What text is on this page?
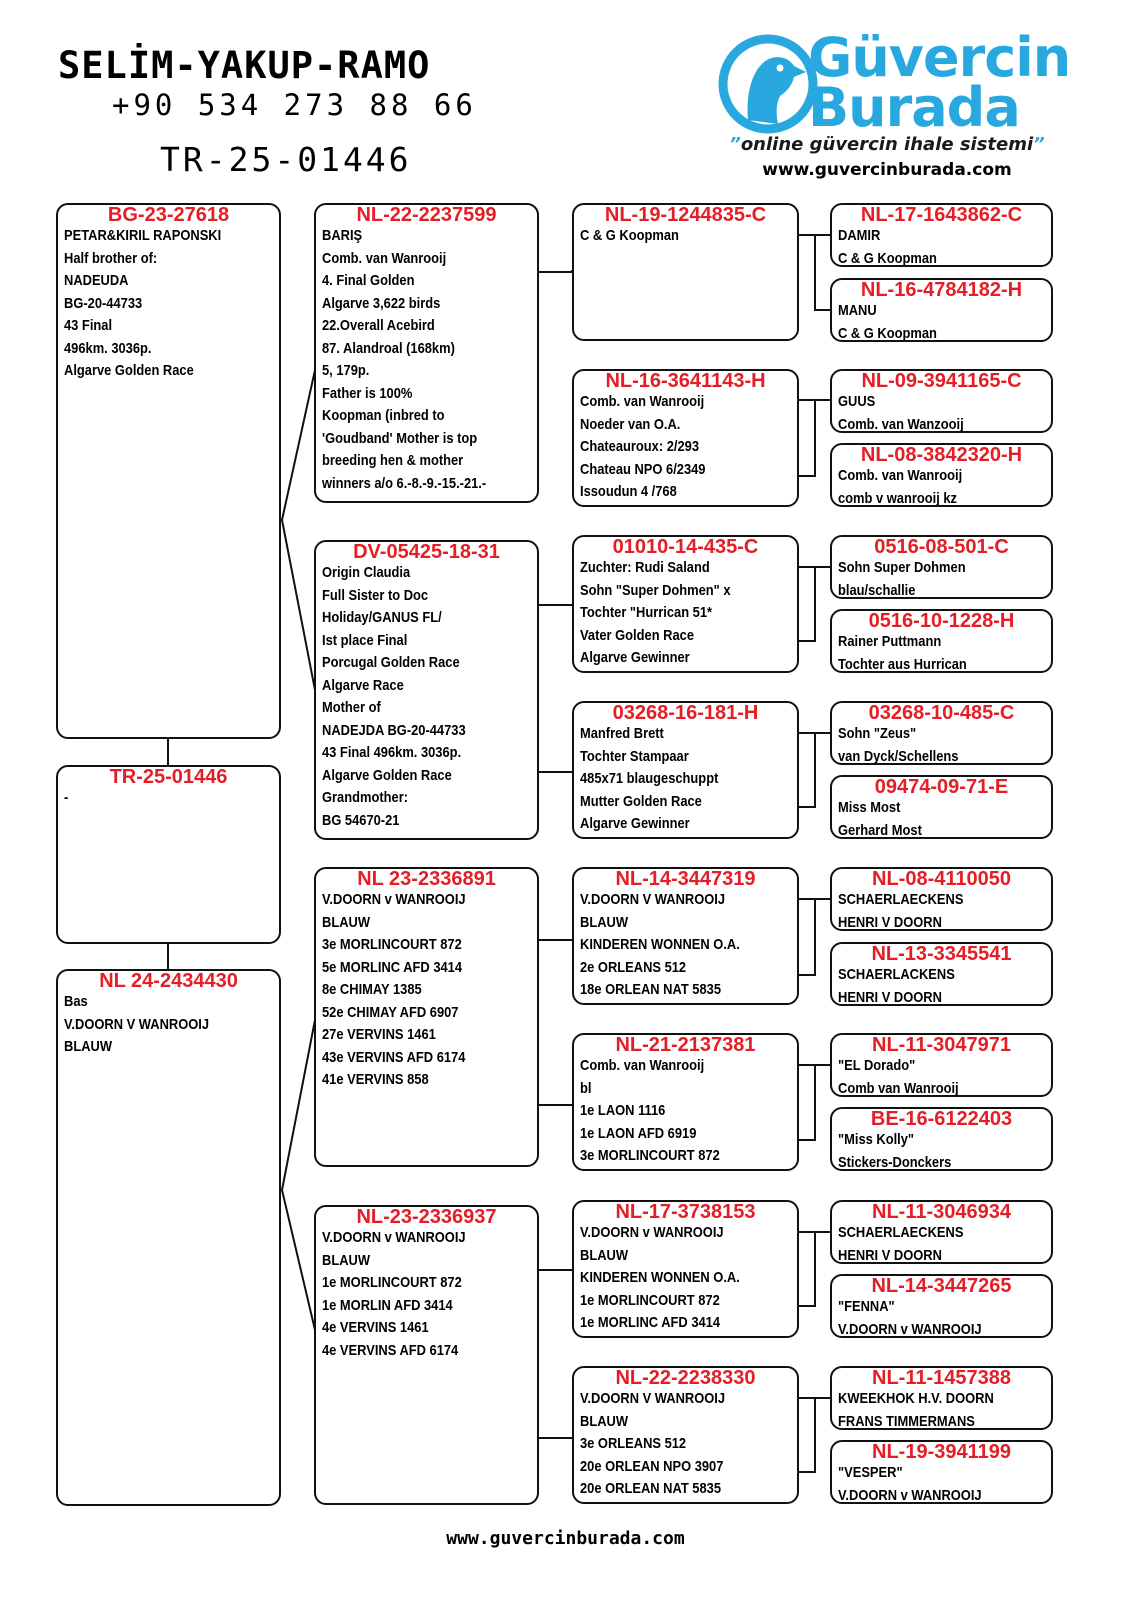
SELİM-YAKUP-RAMO
+90 534 273 88 66
TR-25-01446
Güvercin
Burada
”online güvercin ihale sistemi”
www.guvercinburada.com
BG-23-27618
PETAR&KIRIL RAPONSKI
Half brother of:
NADEUDA
BG-20-44733
43 Final
496km. 3036p.
Algarve Golden Race
TR-25-01446
-
NL 24-2434430
Bas
V.DOORN V WANROOIJ
BLAUW
NL-22-2237599
BARIŞ
Comb. van Wanrooij
4. Final Golden
Algarve 3,622 birds
22.Overall Acebird
87. Alandroal (168km)
5, 179p.
Father is 100%
Koopman (inbred to
'Goudband' Mother is top
breeding hen & mother
winners a/o 6.-8.-9.-15.-21.-
DV-05425-18-31
Origin Claudia
Full Sister to Doc
Holiday/GANUS FL/
Ist place Final
Porcugal Golden Race
Algarve Race
Mother of
NADEJDA BG-20-44733
43 Final 496km. 3036p.
Algarve Golden Race
Grandmother:
BG 54670-21
NL 23-2336891
V.DOORN v WANROOIJ
BLAUW
3e MORLINCOURT 872
5e MORLINC AFD 3414
8e CHIMAY 1385
52e CHIMAY AFD 6907
27e VERVINS 1461
43e VERVINS AFD 6174
41e VERVINS 858
NL-23-2336937
V.DOORN v WANROOIJ
BLAUW
1e MORLINCOURT 872
1e MORLIN AFD 3414
4e VERVINS 1461
4e VERVINS AFD 6174
NL-19-1244835-C
C & G Koopman
NL-16-3641143-H
Comb. van Wanrooij
Noeder van O.A.
Chateauroux: 2/293
Chateau NPO 6/2349
Issoudun 4 /768
01010-14-435-C
Zuchter: Rudi Saland
Sohn "Super Dohmen" x
Tochter "Hurrican 51*
Vater Golden Race
Algarve Gewinner
03268-16-181-H
Manfred Brett
Tochter Stampaar
485x71 blaugeschuppt
Mutter Golden Race
Algarve Gewinner
NL-14-3447319
V.DOORN V WANROOIJ
BLAUW
KINDEREN WONNEN O.A.
2e ORLEANS 512
18e ORLEAN NAT 5835
NL-21-2137381
Comb. van Wanrooij
bl
1e LAON 1116
1e LAON AFD 6919
3e MORLINCOURT 872
NL-17-3738153
V.DOORN v WANROOIJ
BLAUW
KINDEREN WONNEN O.A.
1e MORLINCOURT 872
1e MORLINC AFD 3414
NL-22-2238330
V.DOORN V WANROOIJ
BLAUW
3e ORLEANS 512
20e ORLEAN NPO 3907
20e ORLEAN NAT 5835
NL-17-1643862-C
DAMIR
C & G Koopman
NL-16-4784182-H
MANU
C & G Koopman
NL-09-3941165-C
GUUS
Comb. van Wanzooij
NL-08-3842320-H
Comb. van Wanrooij
comb v wanrooij kz
0516-08-501-C
Sohn Super Dohmen
blau/schallie
0516-10-1228-H
Rainer Puttmann
Tochter aus Hurrican
03268-10-485-C
Sohn "Zeus"
van Dyck/Schellens
09474-09-71-E
Miss Most
Gerhard Most
NL-08-4110050
SCHAERLAECKENS
HENRI V DOORN
NL-13-3345541
SCHAERLACKENS
HENRI V DOORN
NL-11-3047971
"EL Dorado"
Comb van Wanrooij
BE-16-6122403
"Miss Kolly"
Stickers-Donckers
NL-11-3046934
SCHAERLAECKENS
HENRI V DOORN
NL-14-3447265
"FENNA"
V.DOORN v WANROOIJ
NL-11-1457388
KWEEKHOK H.V. DOORN
FRANS TIMMERMANS
NL-19-3941199
"VESPER"
V.DOORN v WANROOIJ
www.guvercinburada.com
